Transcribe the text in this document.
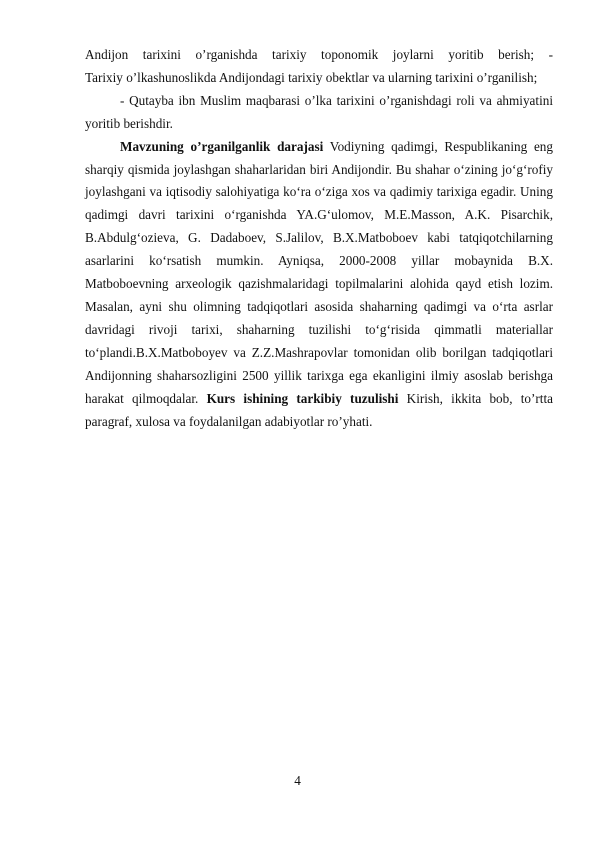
Andijon tarixini o’rganishda tarixiy toponomik joylarni yoritib berish; -

Tarixiy o’lkashunoslikda Andijondagi tarixiy obektlar va ularning tarixini o’rganilish;

- Qutayba ibn Muslim maqbarasi o’lka tarixini o’rganishdagi roli va ahmiyatini yoritib berishdir.

Mavzuning o’rganilganlik darajasi Vodiyning qadimgi, Respublikaning eng sharqiy qismida joylashgan shaharlaridan biri Andijondir. Bu shahar o‘zining jo‘g‘rofiy joylashgani va iqtisodiy salohiyatiga ko‘ra o‘ziga xos va qadimiy tarixiga egadir. Uning qadimgi davri tarixini o‘rganishda YA.G‘ulomov, M.E.Masson, A.K. Pisarchik, B.Abdulg‘ozieva, G. Dadaboev, S.Jalilov, B.X.Matboboev kabi tatqiqotchilarning asarlarini ko‘rsatish mumkin. Ayniqsa, 2000-2008 yillar mobaynida B.X. Matboboevning arxeologik qazishmalaridagi topilmalarini alohida qayd etish lozim. Masalan, ayni shu olimning tadqiqotlari asosida shaharning qadimgi va o‘rta asrlar davridagi rivoji tarixi, shaharning tuzilishi to‘g‘risida qimmatli materiallar to‘plandi.B.X.Matboboyev va Z.Z.Mashrapovlar tomonidan olib borilgan tadqiqotlari Andijonning shaharsozligini 2500 yillik tarixga ega ekanligini ilmiy asoslab berishga harakat qilmoqdalar. Kurs ishining tarkibiy tuzulishi Kirish, ikkita bob, to’rtta paragraf, xulosa va foydalanilgan adabiyotlar ro’yhati.

4
